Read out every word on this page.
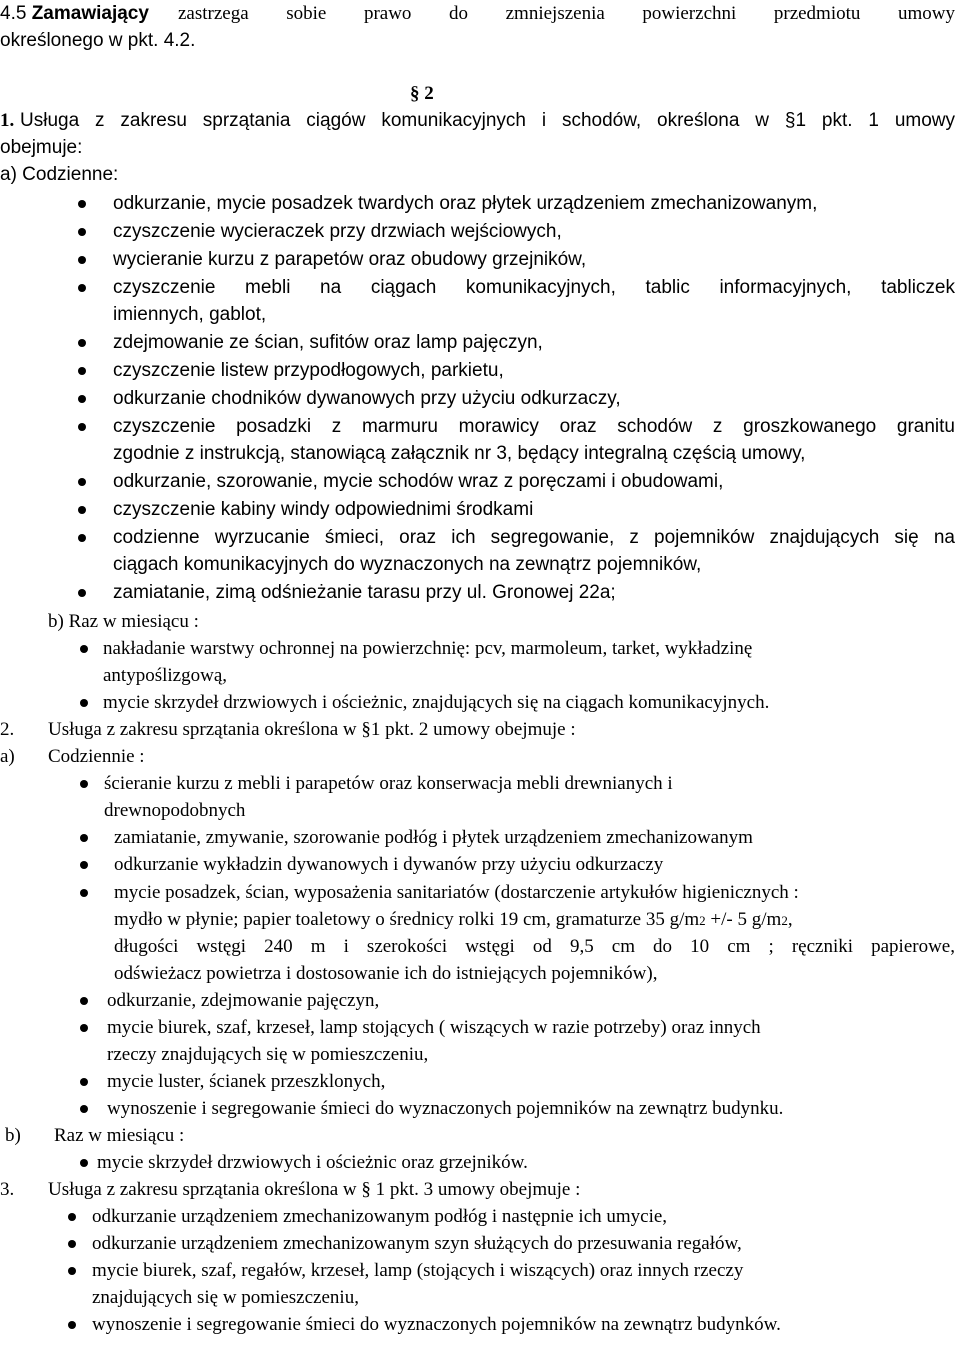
4.5 Zamawiający	zastrzega sobie prawo do zmniejszenia powierzchni przedmiotu umowy
określonego w pkt. 4.2.
§ 2
1. Usługa z zakresu sprzątania ciągów komunikacyjnych i schodów, określona w §1 pkt. 1 umowy
obejmuje:
a) Codzienne:
odkurzanie, mycie posadzek twardych oraz płytek urządzeniem zmechanizowanym,
czyszczenie wycieraczek przy drzwiach wejściowych,
wycieranie kurzu z parapetów oraz obudowy grzejników,
czyszczenie mebli na ciągach komunikacyjnych, tablic informacyjnych, tabliczek
imiennych, gablot,
zdejmowanie ze ścian, sufitów oraz lamp pajęczyn,
czyszczenie listew przypodłogowych, parkietu,
odkurzanie chodników dywanowych przy użyciu odkurzaczy,
czyszczenie posadzki z marmuru morawicy oraz schodów z groszkowanego granitu
zgodnie z instrukcją, stanowiącą załącznik nr 3, będący integralną częścią umowy,
odkurzanie, szorowanie, mycie schodów wraz z poręczami i obudowami,
czyszczenie kabiny windy odpowiednimi środkami
codzienne wyrzucanie śmieci, oraz ich segregowanie, z pojemników znajdujących się na
ciągach komunikacyjnych do wyznaczonych na zewnątrz pojemników,
zamiatanie, zimą odśnieżanie tarasu przy ul. Gronowej 22a;
b) Raz w miesiącu :
nakładanie warstwy ochronnej na powierzchnię: pcv, marmoleum, tarket, wykładzinę
antypoślizgową,
mycie skrzydeł drzwiowych i ościeżnic, znajdujących się na ciągach komunikacyjnych.
2. Usługa z zakresu sprzątania określona w §1 pkt. 2 umowy obejmuje :
a) Codziennie :
ścieranie kurzu z mebli i parapetów oraz konserwacja mebli drewnianych i
drewnopodobnych
zamiatanie, zmywanie, szorowanie podłóg i płytek urządzeniem zmechanizowanym
odkurzanie wykładzin dywanowych i dywanów przy użyciu odkurzaczy
mycie posadzek, ścian, wyposażenia sanitariatów (dostarczenie artykułów higienicznych :
mydło w płynie; papier toaletowy o średnicy rolki 19 cm, gramaturze 35 g/m2 +/- 5 g/m2,
długości wstęgi 240 m i szerokości wstęgi od 9,5 cm do 10 cm ; ręczniki papierowe,
odświeżacz powietrza i dostosowanie ich do istniejących pojemników),
odkurzanie, zdejmowanie pajęczyn,
mycie biurek, szaf, krzeseł, lamp stojących ( wiszących w razie potrzeby) oraz innych
rzeczy znajdujących się w pomieszczeniu,
mycie luster, ścianek przeszklonych,
wynoszenie i segregowanie śmieci do wyznaczonych pojemników na zewnątrz budynku.
b) Raz w miesiącu :
mycie skrzydeł drzwiowych i ościeżnic oraz grzejników.
3. Usługa z zakresu sprzątania określona w § 1 pkt. 3 umowy obejmuje :
odkurzanie urządzeniem zmechanizowanym podłóg i następnie ich umycie,
odkurzanie urządzeniem zmechanizowanym szyn służących do przesuwania regałów,
mycie biurek, szaf, regałów, krzeseł, lamp (stojących i wiszących) oraz innych rzeczy
znajdujących się w pomieszczeniu,
wynoszenie i segregowanie śmieci do wyznaczonych pojemników na zewnątrz budynków.
